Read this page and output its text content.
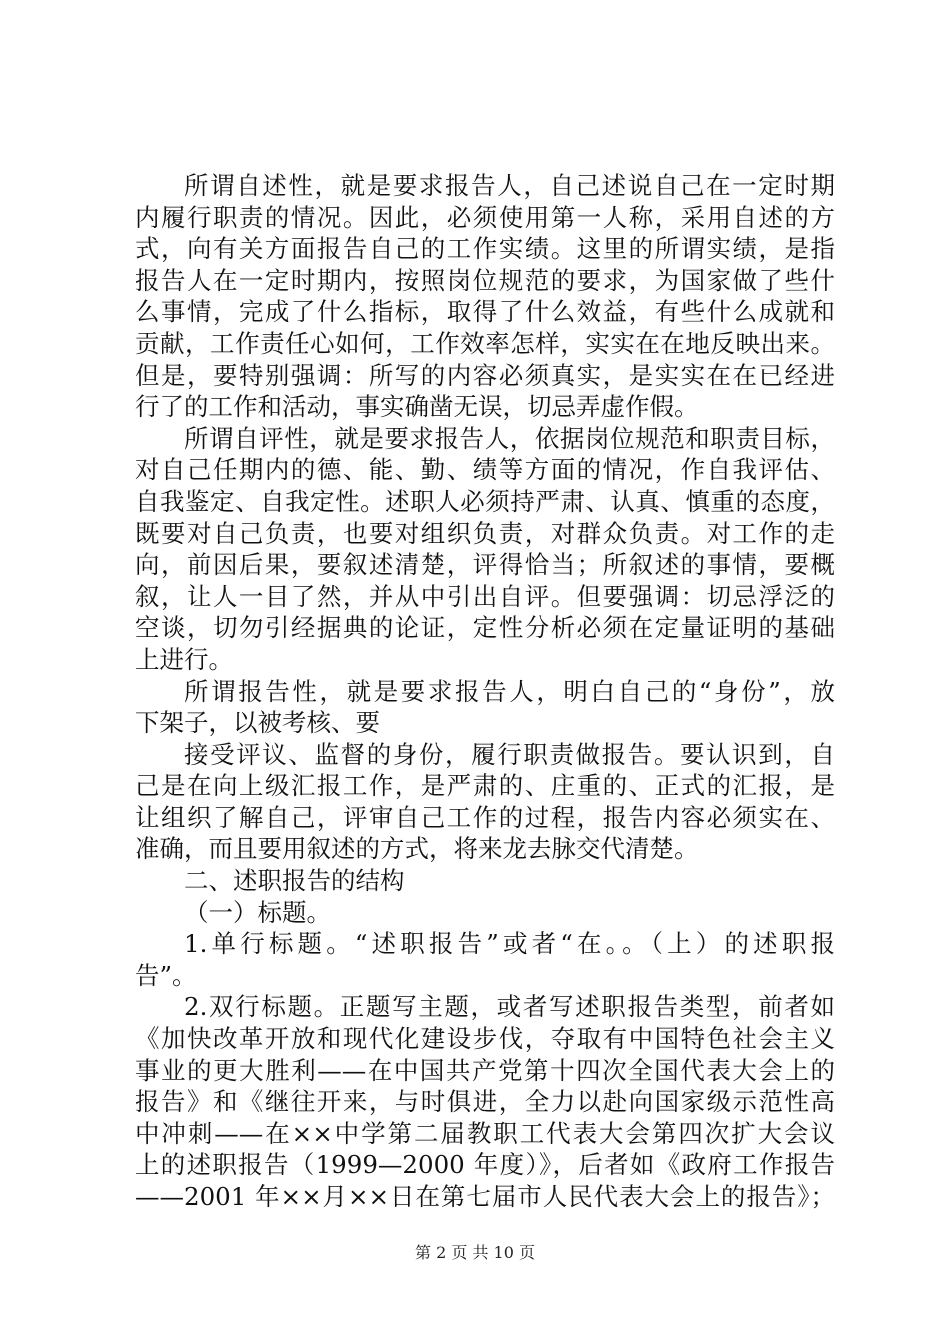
所谓自述性，就是要求报告人，自己述说自己在一定时期
内履行职责的情况。因此，必须使用第一人称，采用自述的方
式，向有关方面报告自己的工作实绩。这里的所谓实绩，是指
报告人在一定时期内，按照岗位规范的要求，为国家做了些什
么事情，完成了什么指标，取得了什么效益，有些什么成就和
贡献，工作责任心如何，工作效率怎样，实实在在地反映出来。
但是，要特别强调：所写的内容必须真实，是实实在在已经进
行了的工作和活动，事实确凿无误，切忌弄虚作假。
所谓自评性，就是要求报告人，依据岗位规范和职责目标，
对自己任期内的德、能、勤、绩等方面的情况，作自我评估、
自我鉴定、自我定性。述职人必须持严肃、认真、慎重的态度，
既要对自己负责，也要对组织负责，对群众负责。对工作的走
向，前因后果，要叙述清楚，评得恰当；所叙述的事情，要概
叙，让人一目了然，并从中引出自评。但要强调：切忌浮泛的
空谈，切勿引经据典的论证，定性分析必须在定量证明的基础
上进行。
所谓报告性，就是要求报告人，明白自己的“身份”，放
下架子，以被考核、要
接受评议、监督的身份，履行职责做报告。要认识到，自
己是在向上级汇报工作，是严肃的、庄重的、正式的汇报，是
让组织了解自己，评审自己工作的过程，报告内容必须实在、
准确，而且要用叙述的方式，将来龙去脉交代清楚。
二、述职报告的结构
（一）标题。
1.单行标题。“述职报告”或者“在。。（上）的述职报
告”。
2.双行标题。正题写主题，或者写述职报告类型，前者如
《加快改革开放和现代化建设步伐，夺取有中国特色社会主义
事业的更大胜利——在中国共产党第十四次全国代表大会上的
报告》和《继往开来，与时俱进，全力以赴向国家级示范性高
中冲刺——在××中学第二届教职工代表大会第四次扩大会议
上的述职报告（1999—2000 年度）》，后者如《政府工作报告
——2001 年××月××日在第七届市人民代表大会上的报告》；
第 2 页 共 10 页
